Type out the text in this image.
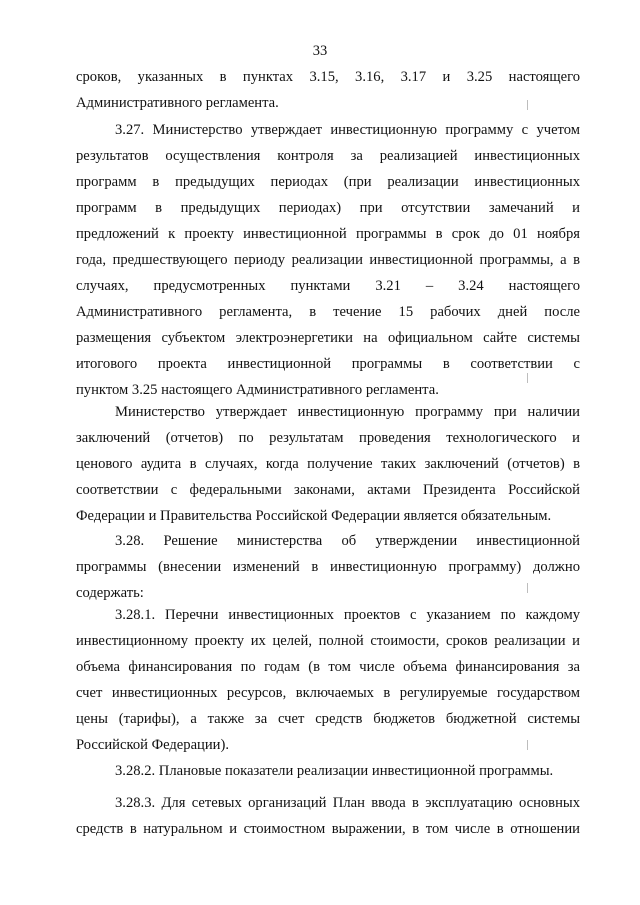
33
сроков, указанных в пунктах 3.15, 3.16, 3.17 и 3.25 настоящего
Административного регламента.
3.27. Министерство утверждает инвестиционную программу с учетом
результатов осуществления контроля за реализацией инвестиционных
программ в предыдущих периодах (при реализации инвестиционных
программ в предыдущих периодах) при отсутствии замечаний и
предложений к проекту инвестиционной программы в срок до 01 ноября
года, предшествующего периоду реализации инвестиционной программы, а в
случаях, предусмотренных пунктами 3.21 – 3.24 настоящего
Административного регламента, в течение 15 рабочих дней после
размещения субъектом электроэнергетики на официальном сайте системы
итогового проекта инвестиционной программы в соответствии с
пунктом 3.25 настоящего Административного регламента.
Министерство утверждает инвестиционную программу при наличии
заключений (отчетов) по результатам проведения технологического и
ценового аудита в случаях, когда получение таких заключений (отчетов) в
соответствии с федеральными законами, актами Президента Российской
Федерации и Правительства Российской Федерации является обязательным.
3.28. Решение министерства об утверждении инвестиционной
программы (внесении изменений в инвестиционную программу) должно
содержать:
3.28.1. Перечни инвестиционных проектов с указанием по каждому
инвестиционному проекту их целей, полной стоимости, сроков реализации и
объема финансирования по годам (в том числе объема финансирования за
счет инвестиционных ресурсов, включаемых в регулируемые государством
цены (тарифы), а также за счет средств бюджетов бюджетной системы
Российской Федерации).
3.28.2. Плановые показатели реализации инвестиционной программы.
3.28.3. Для сетевых организаций План ввода в эксплуатацию основных
средств в натуральном и стоимостном выражении, в том числе в отношении
